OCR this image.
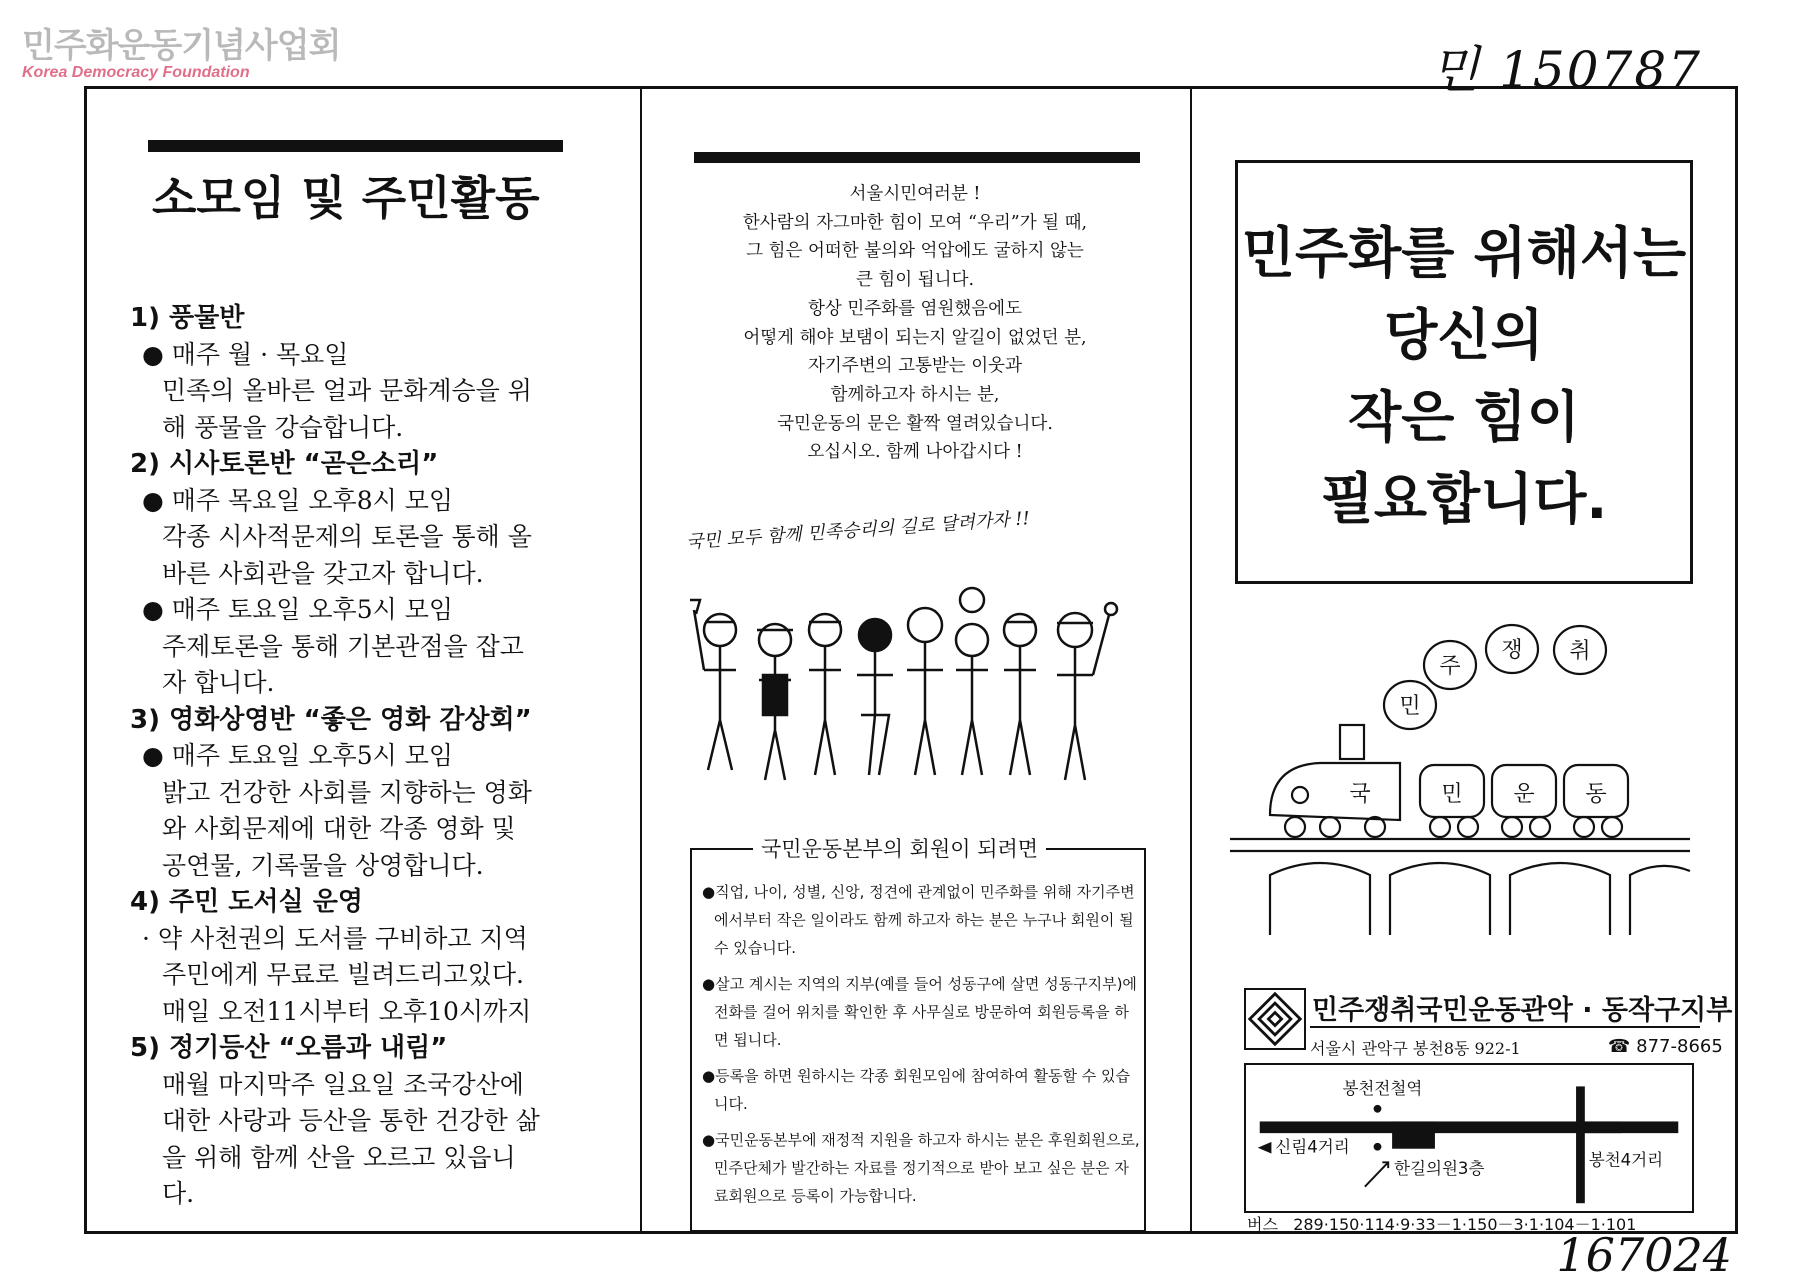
민주화운동기념사업회
Korea Democracy Foundation	민 150787
167024
소모임 및 주민활동
1) 풍물반
● 매주 월 · 목요일
민족의 올바른 얼과 문화계승을 위
해 풍물을 강습합니다.
2) 시사토론반 “곧은소리”
● 매주 목요일 오후8시 모임
각종 시사적문제의 토론을 통해 올
바른 사회관을 갖고자 합니다.
● 매주 토요일 오후5시 모임
주제토론을 통해 기본관점을 잡고
자 합니다.
3) 영화상영반 “좋은 영화 감상회”
● 매주 토요일 오후5시 모임
밝고 건강한 사회를 지향하는 영화
와 사회문제에 대한 각종 영화 및
공연물, 기록물을 상영합니다.
4) 주민 도서실 운영
· 약 사천권의 도서를 구비하고 지역
주민에게 무료로 빌려드리고있다.
매일 오전11시부터 오후10시까지
5) 정기등산 “오름과 내림”
매월 마지막주 일요일 조국강산에
대한 사랑과 등산을 통한 건강한 삶
을 위해 함께 산을 오르고 있읍니
다.
서울시민여러분 !
한사람의 자그마한 힘이 모여 “우리”가 될 때,
그 힘은 어떠한 불의와 억압에도 굴하지 않는
큰 힘이 됩니다.
항상 민주화를 염원했음에도
어떻게 해야 보탬이 되는지 알길이 없었던 분,
자기주변의 고통받는 이웃과
함께하고자 하시는 분,
국민운동의 문은 활짝 열려있습니다.
오십시오. 함께 나아갑시다 !
국민 모두 함께 민족승리의 길로 달려가자 !!
국민운동본부의 회원이 되려면
●직업, 나이, 성별, 신앙, 정견에 관계없이 민주화를 위해 자기주변에서부터 작은 일이라도 함께 하고자 하는 분은 누구나 회원이 될 수 있습니다.
●살고 계시는 지역의 지부(예를 들어 성동구에 살면 성동구지부)에 전화를 걸어 위치를 확인한 후 사무실로 방문하여 회원등록을 하면 됩니다.
●등록을 하면 원하시는 각종 회원모임에 참여하여 활동할 수 있습니다.
●국민운동본부에 재정적 지원을 하고자 하시는 분은 후원회원으로, 민주단체가 발간하는 자료를 정기적으로 받아 보고 싶은 분은 자료회원으로 등록이 가능합니다.
민주화를 위해서는
당신의
작은 힘이
필요합니다.
민
주
쟁 취
국	민 운 동
민주쟁취국민운동관악 · 동작구지부
서울시 관악구 봉천8동 922-1	☎ 877-8665
봉천전철역
신림4거리
한길의원3층	봉천4거리
버스 289·150·114·9·33－1·150－3·1·104－1·101
